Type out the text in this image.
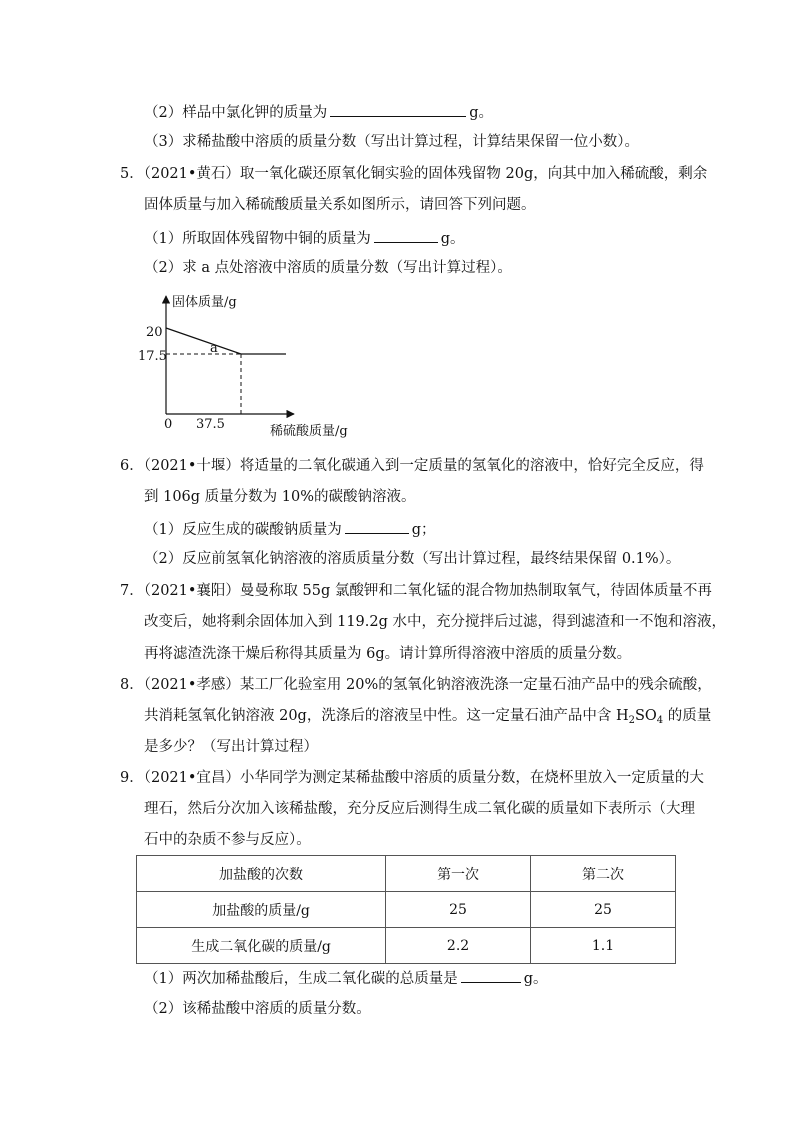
（2）样品中氯化钾的质量为	g。
（3）求稀盐酸中溶质的质量分数（写出计算过程，计算结果保留一位小数）。
5．（2021•黄石）取一氧化碳还原氧化铜实验的固体残留物 20g，向其中加入稀硫酸，剩余
固体质量与加入稀硫酸质量关系如图所示，请回答下列问题。
（1）所取固体残留物中铜的质量为	g。
（2）求 a 点处溶液中溶质的质量分数（写出计算过程）。
固体质量/g
稀硫酸质量/g
0
20
17.5
37.5
a
6．（2021•十堰）将适量的二氧化碳通入到一定质量的氢氧化的溶液中，恰好完全反应，得
到 106g 质量分数为 10%的碳酸钠溶液。
（1）反应生成的碳酸钠质量为	g；
（2）反应前氢氧化钠溶液的溶质质量分数（写出计算过程，最终结果保留 0.1%）。
7．（2021•襄阳）曼曼称取 55g 氯酸钾和二氧化锰的混合物加热制取氧气，待固体质量不再
改变后，她将剩余固体加入到 119.2g 水中，充分搅拌后过滤，得到滤渣和一不饱和溶液，
再将滤渣洗涤干燥后称得其质量为 6g。请计算所得溶液中溶质的质量分数。
8．（2021•孝感）某工厂化验室用 20%的氢氧化钠溶液洗涤一定量石油产品中的残余硫酸，
共消耗氢氧化钠溶液 20g，洗涤后的溶液呈中性。这一定量石油产品中含 $H_2SO_4$ 的质量
是多少？（写出计算过程）
9．（2021•宜昌）小华同学为测定某稀盐酸中溶质的质量分数，在烧杯里放入一定质量的大
理石，然后分次加入该稀盐酸，充分反应后测得生成二氧化碳的质量如下表所示（大理
石中的杂质不参与反应）。
加盐酸的次数	第一次	第二次
加盐酸的质量/g	25	25
生成二氧化碳的质量/g	2.2	1.1
（1）两次加稀盐酸后，生成二氧化碳的总质量是	g。
（2）该稀盐酸中溶质的质量分数。
